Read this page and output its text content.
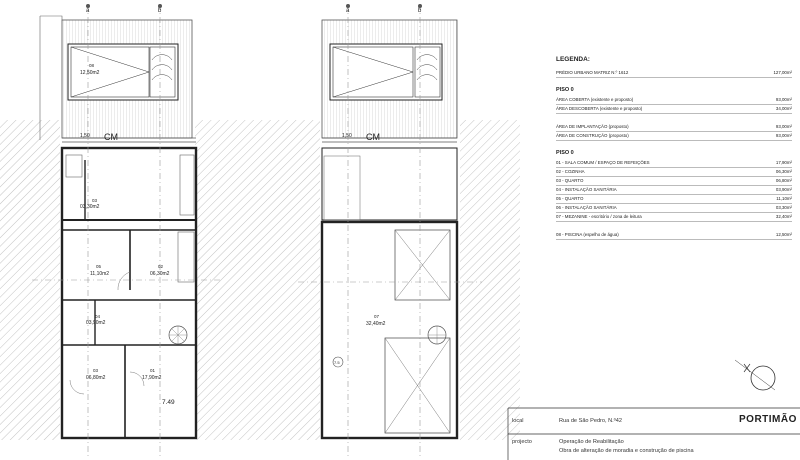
a	b
08
12,50m2
1,50 CM
03
03,30m2
05
11,10m2
02
06,30m2
04
03,90m2
03
06,80m2
01
17,90m2
7.49
a	b
1,50 CM
07
32,40m2
7.5
LEGENDA:
PRÉDIO URBANO MATRIZ N.º 1612	127,00m²
PISO 0
ÁREA COBERTA (existente e proposto)	93,00m²
ÁREA DESCOBERTA (existente e proposto)	34,00m²
ÁREA DE IMPLANTAÇÃO (proposto)	93,00m²
ÁREA DE CONSTRUÇÃO (proposto)	93,00m²
PISO 0
01 - SALA COMUM / ESPAÇO DE REFEIÇÕES	17,90m²
02 - COZINHA	06,30m²
03 - QUARTO	06,80m²
04 - INSTALAÇÃO SANITÁRIA	03,90m²
05 - QUARTO	11,10m²
06 - INSTALAÇÃO SANITÁRIA	03,30m²
07 - MEZANINE - escritório / zona de leitura	32,40m²
08 - PISCINA (espelho de água)	12,50m²
local	Rua de São Pedro, N.º42	PORTIMÃO
projecto	Operação de Reabilitação
Obra de alteração de moradia e construção de piscina
